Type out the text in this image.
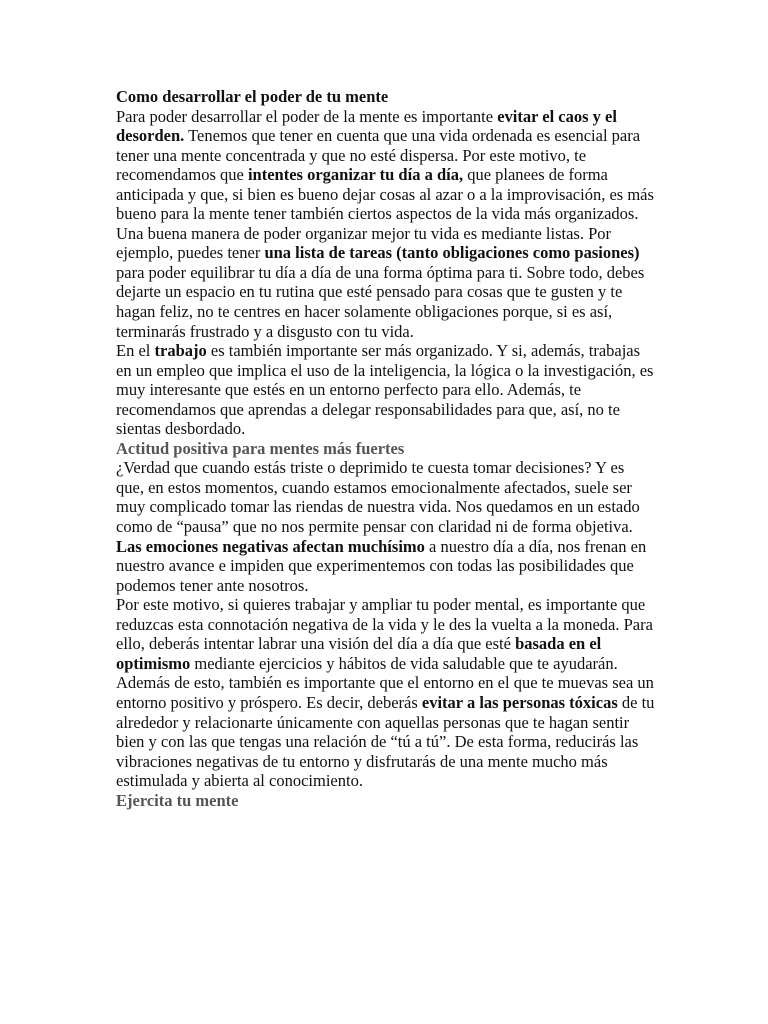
Como desarrollar el poder de tu mente

Para poder desarrollar el poder de la mente es importante evitar el caos y el desorden. Tenemos que tener en cuenta que una vida ordenada es esencial para tener una mente concentrada y que no esté dispersa. Por este motivo, te recomendamos que intentes organizar tu día a día, que planees de forma anticipada y que, si bien es bueno dejar cosas al azar o a la improvisación, es más bueno para la mente tener también ciertos aspectos de la vida más organizados.

Una buena manera de poder organizar mejor tu vida es mediante listas. Por ejemplo, puedes tener una lista de tareas (tanto obligaciones como pasiones) para poder equilibrar tu día a día de una forma óptima para ti. Sobre todo, debes dejarte un espacio en tu rutina que esté pensado para cosas que te gusten y te hagan feliz, no te centres en hacer solamente obligaciones porque, si es así, terminarás frustrado y a disgusto con tu vida.

En el trabajo es también importante ser más organizado. Y si, además, trabajas en un empleo que implica el uso de la inteligencia, la lógica o la investigación, es muy interesante que estés en un entorno perfecto para ello. Además, te recomendamos que aprendas a delegar responsabilidades para que, así, no te sientas desbordado.

Actitud positiva para mentes más fuertes

¿Verdad que cuando estás triste o deprimido te cuesta tomar decisiones? Y es que, en estos momentos, cuando estamos emocionalmente afectados, suele ser muy complicado tomar las riendas de nuestra vida. Nos quedamos en un estado como de “pausa” que no nos permite pensar con claridad ni de forma objetiva. Las emociones negativas afectan muchísimo a nuestro día a día, nos frenan en nuestro avance e impiden que experimentemos con todas las posibilidades que podemos tener ante nosotros.

Por este motivo, si quieres trabajar y ampliar tu poder mental, es importante que reduzcas esta connotación negativa de la vida y le des la vuelta a la moneda. Para ello, deberás intentar labrar una visión del día a día que esté basada en el optimismo mediante ejercicios y hábitos de vida saludable que te ayudarán.

Además de esto, también es importante que el entorno en el que te muevas sea un entorno positivo y próspero. Es decir, deberás evitar a las personas tóxicas de tu alrededor y relacionarte únicamente con aquellas personas que te hagan sentir bien y con las que tengas una relación de “tú a tú”. De esta forma, reducirás las vibraciones negativas de tu entorno y disfrutarás de una mente mucho más estimulada y abierta al conocimiento.

Ejercita tu mente
